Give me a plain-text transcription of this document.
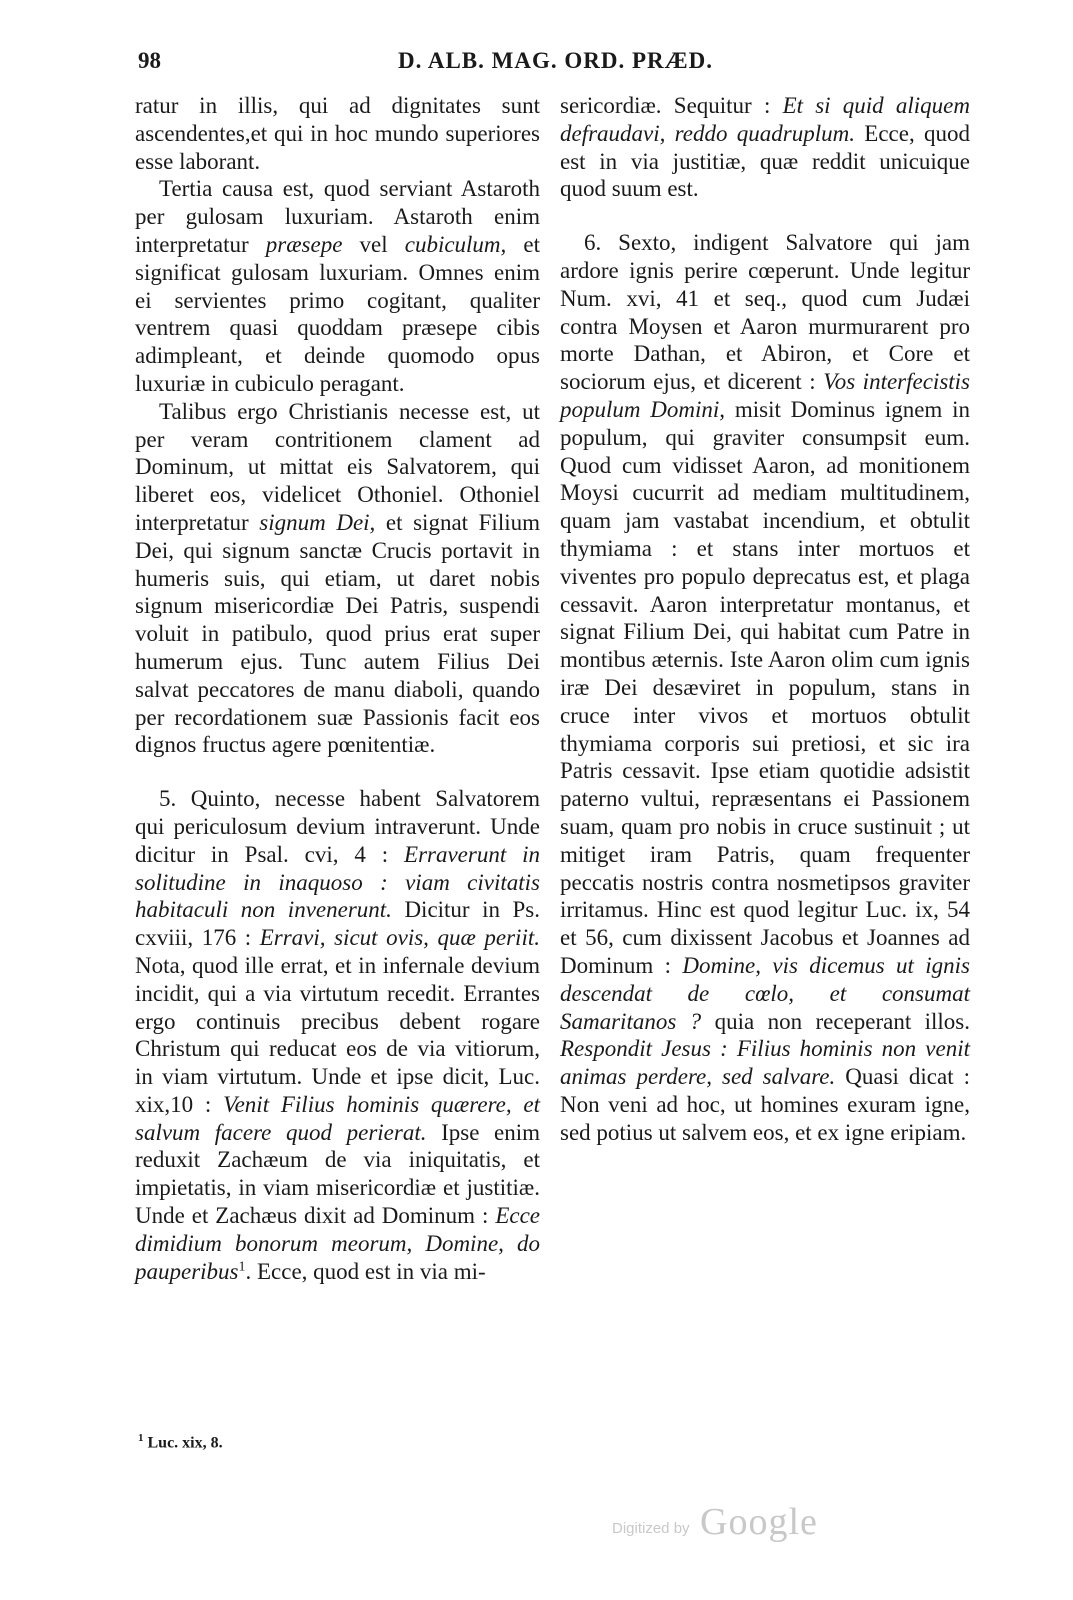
98	D. ALB. MAG. ORD. PRÆD.

ratur in illis, qui ad dignitates sunt ascendentes,et qui in hoc mundo superiores esse laborant.

Tertia causa est, quod serviant Astaroth per gulosam luxuriam. Astaroth enim interpretatur præsepe vel cubiculum, et significat gulosam luxuriam. Omnes enim ei servientes primo cogitant, qualiter ventrem quasi quoddam præsepe cibis adimpleant, et deinde quomodo opus luxuriæ in cubiculo peragant.

Talibus ergo Christianis necesse est, ut per veram contritionem clament ad Dominum, ut mittat eis Salvatorem, qui liberet eos, videlicet Othoniel. Othoniel interpretatur signum Dei, et signat Filium Dei, qui signum sanctæ Crucis portavit in humeris suis, qui etiam, ut daret nobis signum misericordiæ Dei Patris, suspendi voluit in patibulo, quod prius erat super humerum ejus. Tunc autem Filius Dei salvat peccatores de manu diaboli, quando per recordationem suæ Passionis facit eos dignos fructus agere pœnitentiæ.

5. Quinto, necesse habent Salvatorem qui periculosum devium intraverunt. Unde dicitur in Psal. cvi, 4 : Erraverunt in solitudine in inaquoso : viam civitatis habitaculi non invenerunt. Dicitur in Ps. cxviii, 176 : Erravi, sicut ovis, quæ periit. Nota, quod ille errat, et in infernale devium incidit, qui a via virtutum recedit. Errantes ergo continuis precibus debent rogare Christum qui reducat eos de via vitiorum, in viam virtutum. Unde et ipse dicit, Luc. xix,10 : Venit Filius hominis quærere, et salvum facere quod perierat. Ipse enim reduxit Zachæum de via iniquitatis, et impietatis, in viam misericordiæ et justitiæ. Unde et Zachæus dixit ad Dominum : Ecce dimidium bonorum meorum, Domine, do pauperibus$^1$. Ecce, quod est in via mi-

sericordiæ. Sequitur : Et si quid aliquem defraudavi, reddo quadruplum. Ecce, quod est in via justitiæ, quæ reddit unicuique quod suum est.

6. Sexto, indigent Salvatore qui jam ardore ignis perire cœperunt. Unde legitur Num. xvi, 41 et seq., quod cum Judæi contra Moysen et Aaron murmurarent pro morte Dathan, et Abiron, et Core et sociorum ejus, et dicerent : Vos interfecistis populum Domini, misit Dominus ignem in populum, qui graviter consumpsit eum. Quod cum vidisset Aaron, ad monitionem Moysi cucurrit ad mediam multitudinem, quam jam vastabat incendium, et obtulit thymiama : et stans inter mortuos et viventes pro populo deprecatus est, et plaga cessavit. Aaron interpretatur montanus, et signat Filium Dei, qui habitat cum Patre in montibus æternis. Iste Aaron olim cum ignis iræ Dei desæviret in populum, stans in cruce inter vivos et mortuos obtulit thymiama corporis sui pretiosi, et sic ira Patris cessavit. Ipse etiam quotidie adsistit paterno vultui, repræsentans ei Passionem suam, quam pro nobis in cruce sustinuit ; ut mitiget iram Patris, quam frequenter peccatis nostris contra nosmetipsos graviter irritamus. Hinc est quod legitur Luc. ix, 54 et 56, cum dixissent Jacobus et Joannes ad Dominum : Domine, vis dicemus ut ignis descendat de cœlo, et consumat Samaritanos ? quia non receperant illos. Respondit Jesus : Filius hominis non venit animas perdere, sed salvare. Quasi dicat : Non veni ad hoc, ut homines exuram igne, sed potius ut salvem eos, et ex igne eripiam.

$^1$ Luc. xix, 8.
Digitized by Google
